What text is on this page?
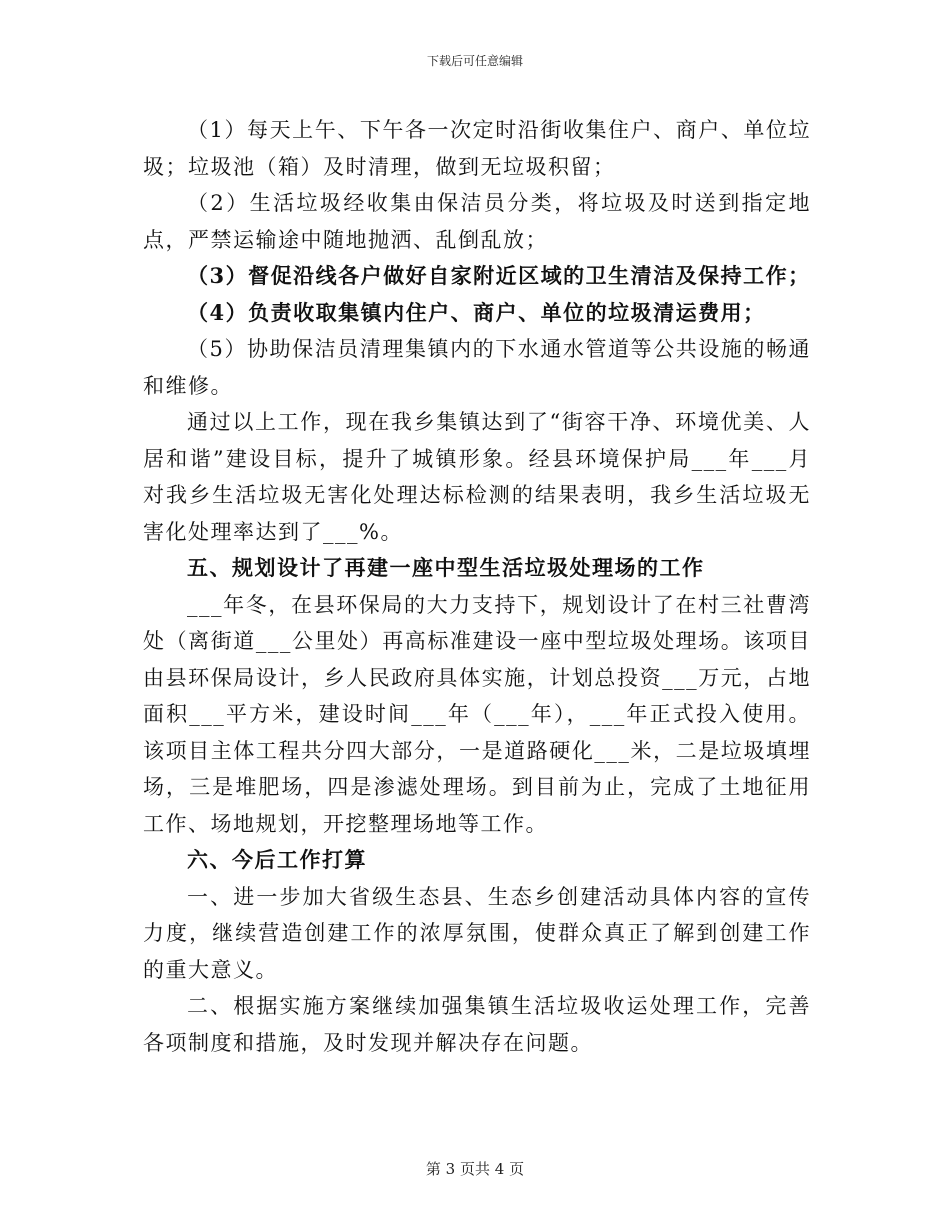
下载后可任意编辑

（1）每天上午、下午各一次定时沿街收集住户、商户、单位垃圾；垃圾池（箱）及时清理，做到无垃圾积留；

（2）生活垃圾经收集由保洁员分类，将垃圾及时送到指定地点，严禁运输途中随地抛洒、乱倒乱放；

（3）督促沿线各户做好自家附近区域的卫生清洁及保持工作；

（4）负责收取集镇内住户、商户、单位的垃圾清运费用；

（5）协助保洁员清理集镇内的下水通水管道等公共设施的畅通和维修。

通过以上工作，现在我乡集镇达到了“街容干净、环境优美、人居和谐”建设目标，提升了城镇形象。经县环境保护局___年___月对我乡生活垃圾无害化处理达标检测的结果表明，我乡生活垃圾无害化处理率达到了___%。

五、规划设计了再建一座中型生活垃圾处理场的工作

___年冬，在县环保局的大力支持下，规划设计了在村三社曹湾处（离街道___公里处）再高标准建设一座中型垃圾处理场。该项目由县环保局设计，乡人民政府具体实施，计划总投资___万元，占地面积___平方米，建设时间___年（___年），___年正式投入使用。该项目主体工程共分四大部分，一是道路硬化___米，二是垃圾填埋场，三是堆肥场，四是渗滤处理场。到目前为止，完成了土地征用工作、场地规划，开挖整理场地等工作。

六、今后工作打算

一、进一步加大省级生态县、生态乡创建活动具体内容的宣传力度，继续营造创建工作的浓厚氛围，使群众真正了解到创建工作的重大意义。

二、根据实施方案继续加强集镇生活垃圾收运处理工作，完善各项制度和措施，及时发现并解决存在问题。

第 3 页共 4 页
